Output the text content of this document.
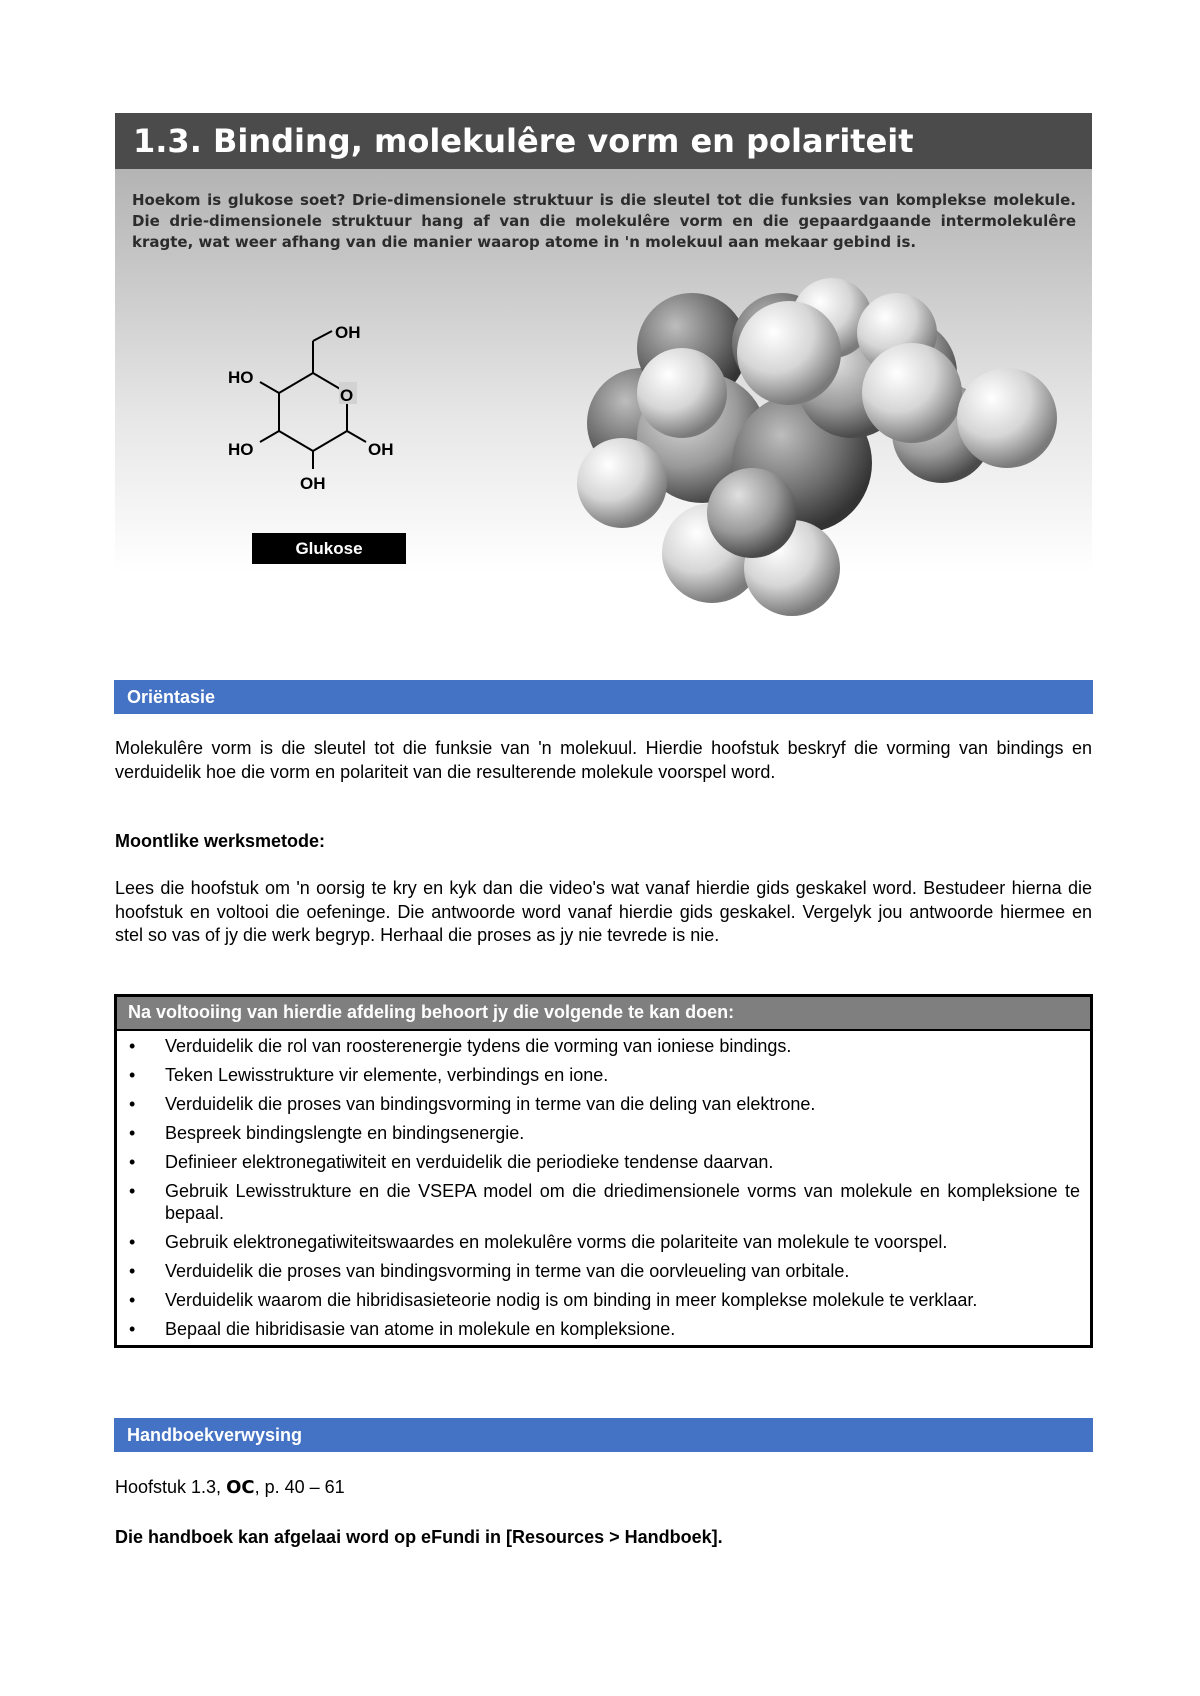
1.3. Binding, molekulêre vorm en polariteit
Hoekom is glukose soet? Drie-dimensionele struktuur is die sleutel tot die funksies van komplekse molekule. Die drie-dimensionele struktuur hang af van die molekulêre vorm en die gepaardgaande intermolekulêre kragte, wat weer afhang van die manier waarop atome in 'n molekuul aan mekaar gebind is.
O
OH
HO
HO	OH
OH
Glukose
Oriëntasie
Molekulêre vorm is die sleutel tot die funksie van 'n molekuul. Hierdie hoofstuk beskryf die vorming van bindings en verduidelik hoe die vorm en polariteit van die resulterende molekule voorspel word.
Moontlike werksmetode:
Lees die hoofstuk om 'n oorsig te kry en kyk dan die video's wat vanaf hierdie gids geskakel word. Bestudeer hierna die hoofstuk en voltooi die oefeninge. Die antwoorde word vanaf hierdie gids geskakel. Vergelyk jou antwoorde hiermee en stel so vas of jy die werk begryp. Herhaal die proses as jy nie tevrede is nie.
Na voltooiing van hierdie afdeling behoort jy die volgende te kan doen:
• Verduidelik die rol van roosterenergie tydens die vorming van ioniese bindings.
• Teken Lewisstrukture vir elemente, verbindings en ione.
• Verduidelik die proses van bindingsvorming in terme van die deling van elektrone.
• Bespreek bindingslengte en bindingsenergie.
• Definieer elektronegatiwiteit en verduidelik die periodieke tendense daarvan.
• Gebruik Lewisstrukture en die VSEPA model om die driedimensionele vorms van molekule en kompleksione te bepaal.
• Gebruik elektronegatiwiteitswaardes en molekulêre vorms die polariteite van molekule te voorspel.
• Verduidelik die proses van bindingsvorming in terme van die oorvleueling van orbitale.
• Verduidelik waarom die hibridisasieteorie nodig is om binding in meer komplekse molekule te verklaar.
• Bepaal die hibridisasie van atome in molekule en kompleksione.
Handboekverwysing
Hoofstuk 1.3, OC, p. 40 – 61
Die handboek kan afgelaai word op eFundi in [Resources > Handboek].
